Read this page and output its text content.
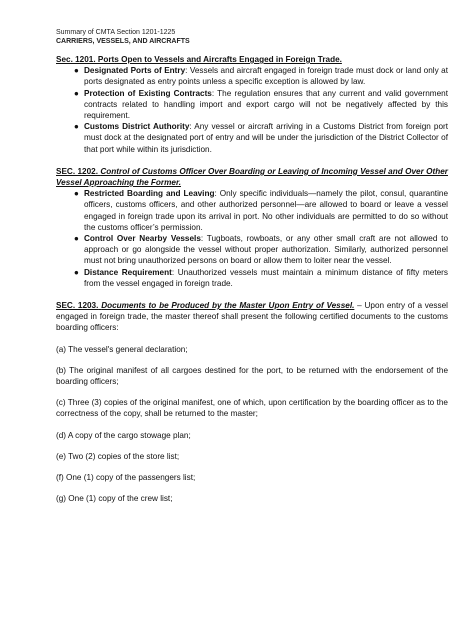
Summary of CMTA Section 1201-1225
CARRIERS, VESSELS, AND AIRCRAFTS

Sec. 1201. Ports Open to Vessels and Aircrafts Engaged in Foreign Trade.

● Designated Ports of Entry: Vessels and aircraft engaged in foreign trade must dock or land only at ports designated as entry points unless a specific exception is allowed by law.
● Protection of Existing Contracts: The regulation ensures that any current and valid government contracts related to handling import and export cargo will not be negatively affected by this requirement.
● Customs District Authority: Any vessel or aircraft arriving in a Customs District from foreign port must dock at the designated port of entry and will be under the jurisdiction of the District Collector of that port while within its jurisdiction.

SEC. 1202. Control of Customs Officer Over Boarding or Leaving of Incoming Vessel and Over Other Vessel Approaching the Former.

● Restricted Boarding and Leaving: Only specific individuals—namely the pilot, consul, quarantine officers, customs officers, and other authorized personnel—are allowed to board or leave a vessel engaged in foreign trade upon its arrival in port. No other individuals are permitted to do so without the customs officer’s permission.
● Control Over Nearby Vessels: Tugboats, rowboats, or any other small craft are not allowed to approach or go alongside the vessel without proper authorization. Similarly, authorized personnel must not bring unauthorized persons on board or allow them to loiter near the vessel.
● Distance Requirement: Unauthorized vessels must maintain a minimum distance of fifty meters from the vessel engaged in foreign trade.

SEC. 1203. Documents to be Produced by the Master Upon Entry of Vessel. – Upon entry of a vessel engaged in foreign trade, the master thereof shall present the following certified documents to the customs boarding officers:

(a) The vessel's general declaration;

(b) The original manifest of all cargoes destined for the port, to be returned with the endorsement of the boarding officers;

(c) Three (3) copies of the original manifest, one of which, upon certification by the boarding officer as to the correctness of the copy, shall be returned to the master;

(d) A copy of the cargo stowage plan;

(e) Two (2) copies of the store list;

(f) One (1) copy of the passengers list;

(g) One (1) copy of the crew list;
